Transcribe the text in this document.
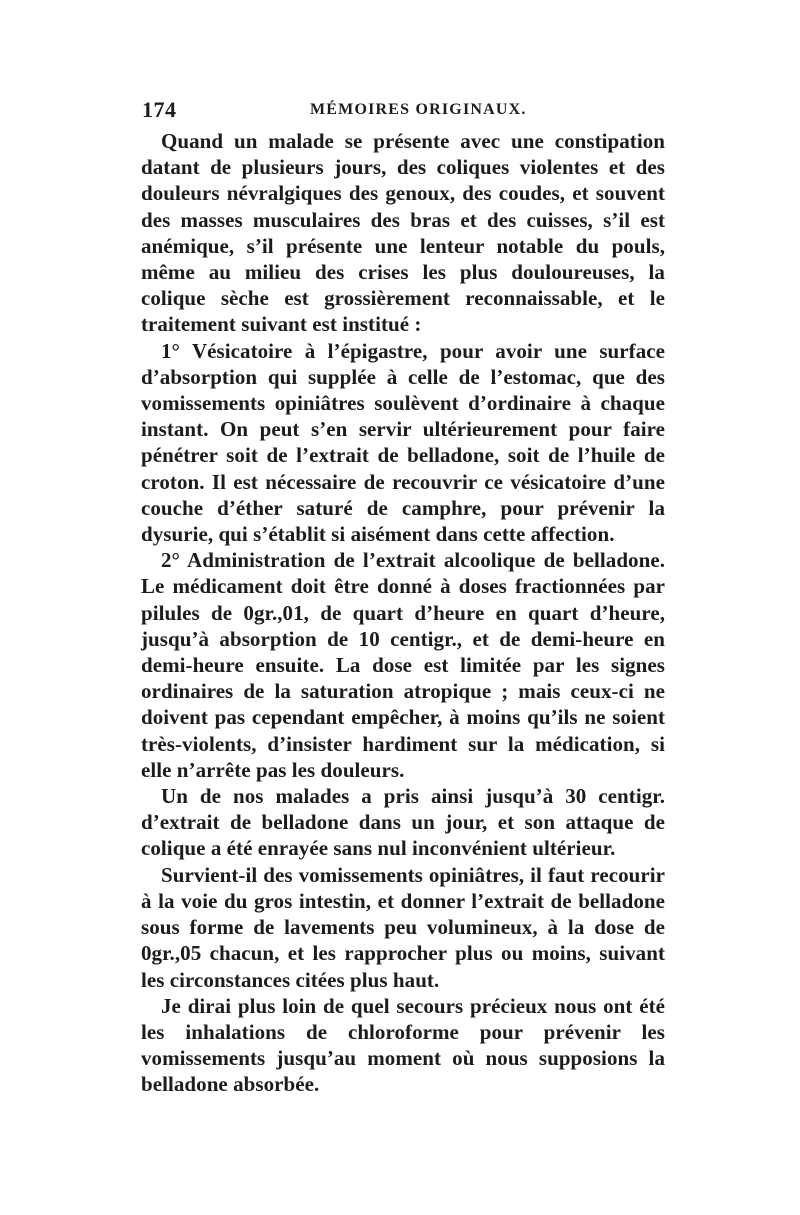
174	MÉMOIRES ORIGINAUX.

Quand un malade se présente avec une constipation datant de plusieurs jours, des coliques violentes et des douleurs névralgiques des genoux, des coudes, et souvent des masses musculaires des bras et des cuisses, s’il est anémique, s’il présente une lenteur notable du pouls, même au milieu des crises les plus douloureuses, la colique sèche est grossièrement reconnaissable, et le traitement suivant est institué :

1° Vésicatoire à l’épigastre, pour avoir une surface d’absorption qui supplée à celle de l’estomac, que des vomissements opiniâtres soulèvent d’ordinaire à chaque instant. On peut s’en servir ultérieurement pour faire pénétrer soit de l’extrait de belladone, soit de l’huile de croton. Il est nécessaire de recouvrir ce vésicatoire d’une couche d’éther saturé de camphre, pour prévenir la dysurie, qui s’établit si aisément dans cette affection.

2° Administration de l’extrait alcoolique de belladone. Le médicament doit être donné à doses fractionnées par pilules de 0gr.,01, de quart d’heure en quart d’heure, jusqu’à absorption de 10 centigr., et de demi-heure en demi-heure ensuite. La dose est limitée par les signes ordinaires de la saturation atropique ; mais ceux-ci ne doivent pas cependant empêcher, à moins qu’ils ne soient très-violents, d’insister hardiment sur la médication, si elle n’arrête pas les douleurs.

Un de nos malades a pris ainsi jusqu’à 30 centigr. d’extrait de belladone dans un jour, et son attaque de colique a été enrayée sans nul inconvénient ultérieur.

Survient-il des vomissements opiniâtres, il faut recourir à la voie du gros intestin, et donner l’extrait de belladone sous forme de lavements peu volumineux, à la dose de 0gr.,05 chacun, et les rapprocher plus ou moins, suivant les circonstances citées plus haut.

Je dirai plus loin de quel secours précieux nous ont été les inhalations de chloroforme pour prévenir les vomissements jusqu’au moment où nous supposions la belladone absorbée.
